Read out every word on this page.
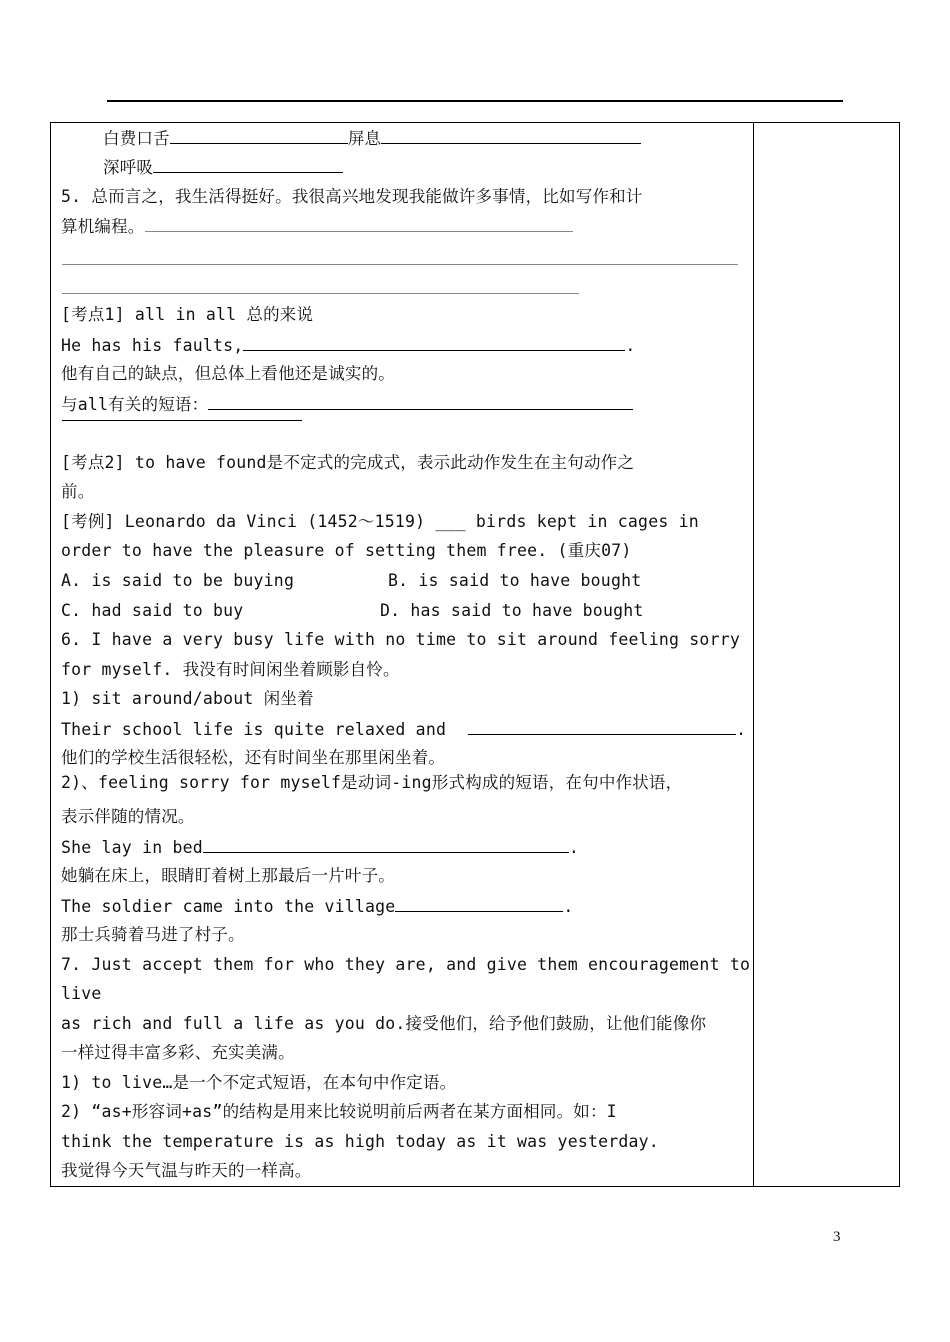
白费口舌	屏息
深呼吸
5. 总而言之，我生活得挺好。我很高兴地发现我能做许多事情，比如写作和计
算机编程。
[考点1] all in all 总的来说
He has his faults,	.
他有自己的缺点，但总体上看他还是诚实的。
与all有关的短语：
[考点2] to have found是不定式的完成式，表示此动作发生在主句动作之
前。
[考例] Leonardo da Vinci (1452～1519) ___ birds kept in cages in
order to have the pleasure of setting them free. (重庆07)
A. is said to be buying	B. is said to have bought
C. had said to buy	D. has said to have bought
6. I have a very busy life with no time to sit around feeling sorry
for myself. 我没有时间闲坐着顾影自怜。
1) sit around/about 闲坐着
Their school life is quite relaxed and	.
他们的学校生活很轻松，还有时间坐在那里闲坐着。
2)、feeling sorry for myself是动词-ing形式构成的短语，在句中作状语，
表示伴随的情况。
She lay in bed	.
她躺在床上，眼睛盯着树上那最后一片叶子。
The soldier came into the village	.
那士兵骑着马进了村子。
7. Just accept them for who they are, and give them encouragement to
live
as rich and full a life as you do.接受他们，给予他们鼓励，让他们能像你
一样过得丰富多彩、充实美满。
1) to live…是一个不定式短语，在本句中作定语。
2) “as+形容词+as”的结构是用来比较说明前后两者在某方面相同。如：I
think the temperature is as high today as it was yesterday.
我觉得今天气温与昨天的一样高。
3
